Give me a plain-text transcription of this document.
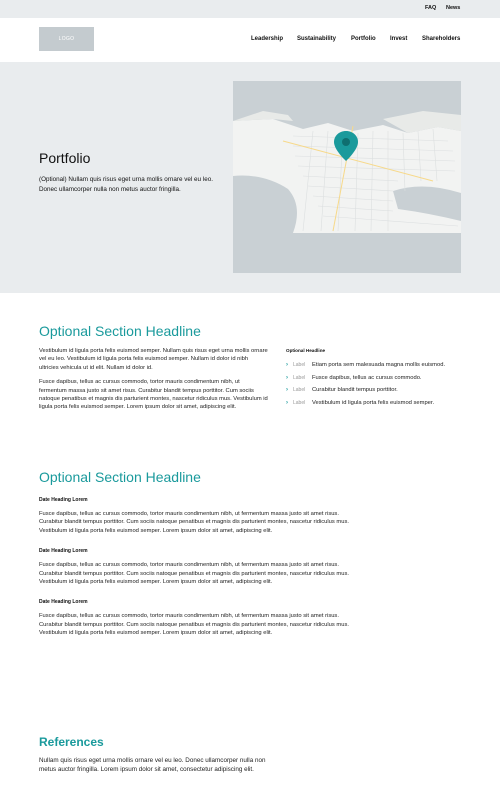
FAQ News
LOGO	Leadership Sustainability Portfolio Invest Shareholders
Portfolio

(Optional) Nullam quis risus eget urna mollis ornare vel eu leo. Donec ullamcorper nulla non metus auctor fringilla.

Optional Section Headline

Vestibulum id ligula porta felis euismod semper. Nullam quis risus eget urna mollis ornare vel eu leo. Vestibulum id ligula porta felis euismod semper. Nullam id dolor id nibh ultricies vehicula ut id elit. Nullam id dolor id.

Fusce dapibus, tellus ac cursus commodo, tortor mauris condimentum nibh, ut fermentum massa justo sit amet risus. Curabitur blandit tempus porttitor. Cum sociis natoque penatibus et magnis dis parturient montes, nascetur ridiculus mus. Vestibulum id ligula porta felis euismod semper. Lorem ipsum dolor sit amet, adipiscing elit.

Optional Headline
›	Label	Etiam porta sem malesuada magna mollis euismod.
›	Label	Fusce dapibus, tellus ac cursus commodo.
›	Label	Curabitur blandit tempus porttitor.
›	Label	Vestibulum id ligula porta felis euismod semper.
Optional Section Headline
Date Heading Lorem

Fusce dapibus, tellus ac cursus commodo, tortor mauris condimentum nibh, ut fermentum massa justo sit amet risus. Curabitur blandit tempus porttitor. Cum sociis natoque penatibus et magnis dis parturient montes, nascetur ridiculus mus. Vestibulum id ligula porta felis euismod semper. Lorem ipsum dolor sit amet, adipiscing elit.

Date Heading Lorem

Fusce dapibus, tellus ac cursus commodo, tortor mauris condimentum nibh, ut fermentum massa justo sit amet risus. Curabitur blandit tempus porttitor. Cum sociis natoque penatibus et magnis dis parturient montes, nascetur ridiculus mus. Vestibulum id ligula porta felis euismod semper. Lorem ipsum dolor sit amet, adipiscing elit.

Date Heading Lorem

Fusce dapibus, tellus ac cursus commodo, tortor mauris condimentum nibh, ut fermentum massa justo sit amet risus. Curabitur blandit tempus porttitor. Cum sociis natoque penatibus et magnis dis parturient montes, nascetur ridiculus mus. Vestibulum id ligula porta felis euismod semper. Lorem ipsum dolor sit amet, adipiscing elit.

References

Nullam quis risus eget urna mollis ornare vel eu leo. Donec ullamcorper nulla non metus auctor fringilla. Lorem ipsum dolor sit amet, consectetur adipiscing elit.
